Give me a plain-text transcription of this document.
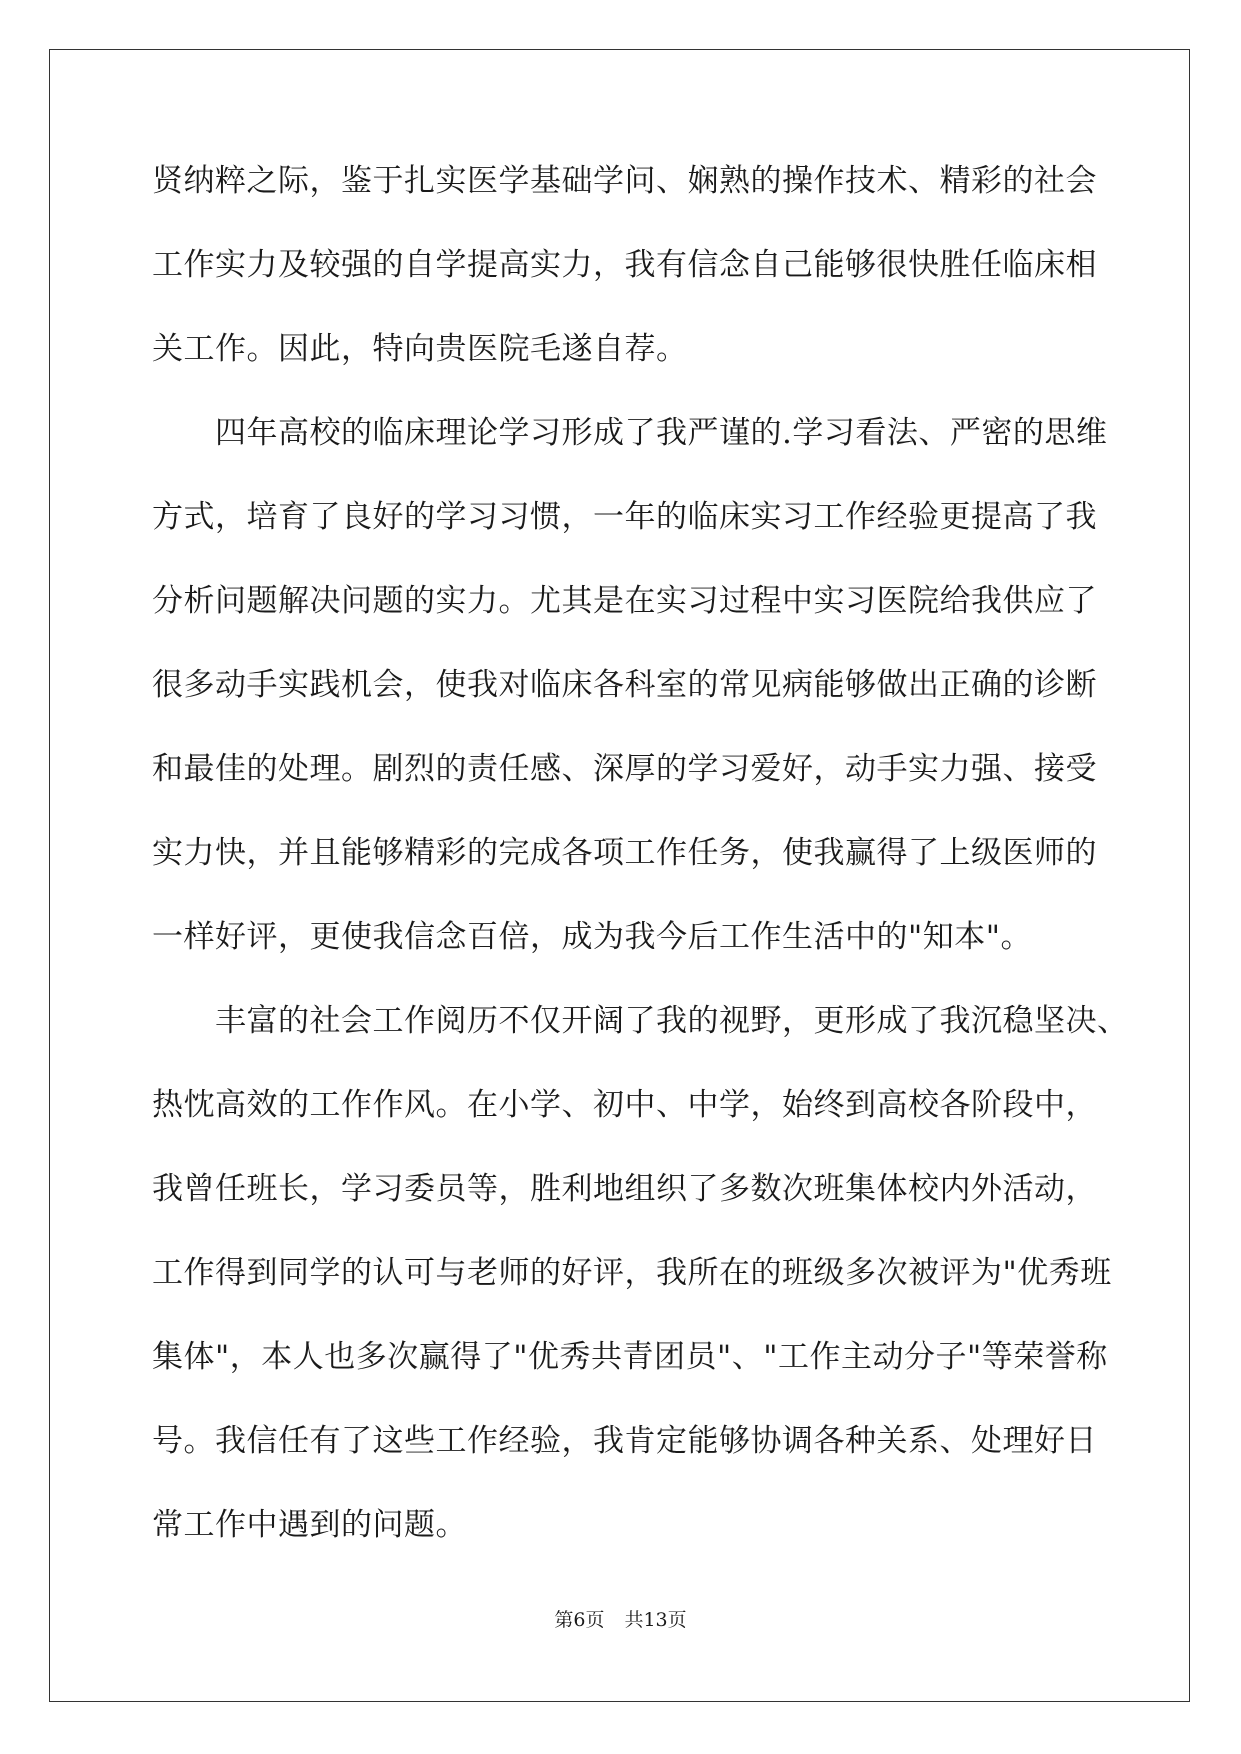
贤纳粹之际，鉴于扎实医学基础学问、娴熟的操作技术、精彩的社会
工作实力及较强的自学提高实力，我有信念自己能够很快胜任临床相
关工作。因此，特向贵医院毛遂自荐。
　　四年高校的临床理论学习形成了我严谨的.学习看法、严密的思维
方式，培育了良好的学习习惯，一年的临床实习工作经验更提高了我
分析问题解决问题的实力。尤其是在实习过程中实习医院给我供应了
很多动手实践机会，使我对临床各科室的常见病能够做出正确的诊断
和最佳的处理。剧烈的责任感、深厚的学习爱好，动手实力强、接受
实力快，并且能够精彩的完成各项工作任务，使我赢得了上级医师的
一样好评，更使我信念百倍，成为我今后工作生活中的"知本"。
　　丰富的社会工作阅历不仅开阔了我的视野，更形成了我沉稳坚决、
热忱高效的工作作风。在小学、初中、中学，始终到高校各阶段中，
我曾任班长，学习委员等，胜利地组织了多数次班集体校内外活动，
工作得到同学的认可与老师的好评，我所在的班级多次被评为"优秀班
集体"，本人也多次赢得了"优秀共青团员"、"工作主动分子"等荣誉称
号。我信任有了这些工作经验，我肯定能够协调各种关系、处理好日
常工作中遇到的问题。
第6页 共13页
